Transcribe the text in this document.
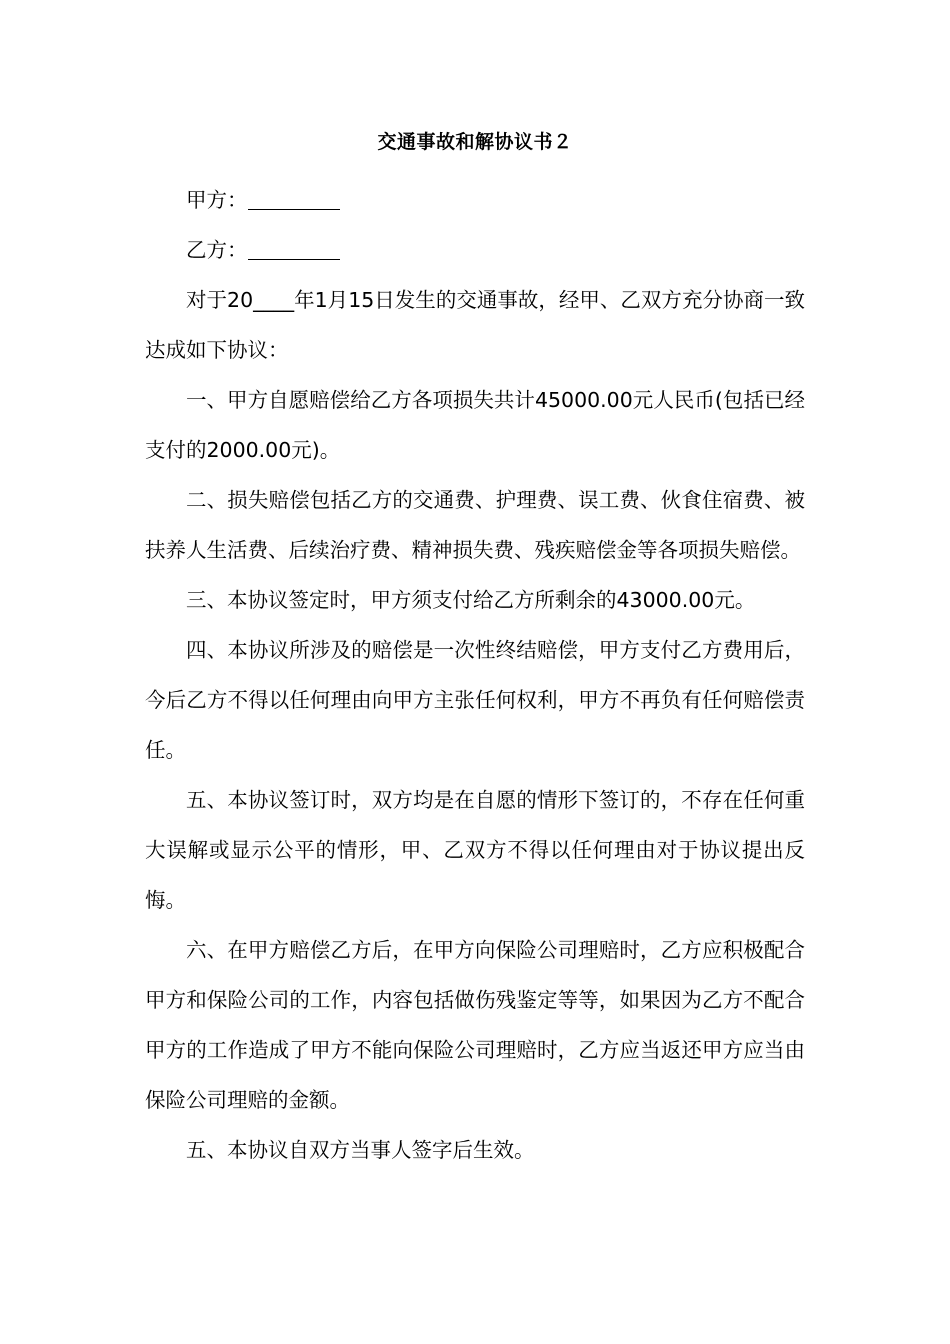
交通事故和解协议书２

甲方：

乙方：

对于20____年1月15日发生的交通事故，经甲、乙双方充分协商一致达成如下协议：

一、甲方自愿赔偿给乙方各项损失共计45000.00元人民币(包括已经支付的2000.00元)。

二、损失赔偿包括乙方的交通费、护理费、误工费、伙食住宿费、被扶养人生活费、后续治疗费、精神损失费、残疾赔偿金等各项损失赔偿。

三、本协议签定时，甲方须支付给乙方所剩余的43000.00元。

四、本协议所涉及的赔偿是一次性终结赔偿，甲方支付乙方费用后，今后乙方不得以任何理由向甲方主张任何权利，甲方不再负有任何赔偿责任。

五、本协议签订时，双方均是在自愿的情形下签订的，不存在任何重大误解或显示公平的情形，甲、乙双方不得以任何理由对于协议提出反悔。

六、在甲方赔偿乙方后，在甲方向保险公司理赔时，乙方应积极配合甲方和保险公司的工作，内容包括做伤残鉴定等等，如果因为乙方不配合甲方的工作造成了甲方不能向保险公司理赔时，乙方应当返还甲方应当由保险公司理赔的金额。

五、本协议自双方当事人签字后生效。
